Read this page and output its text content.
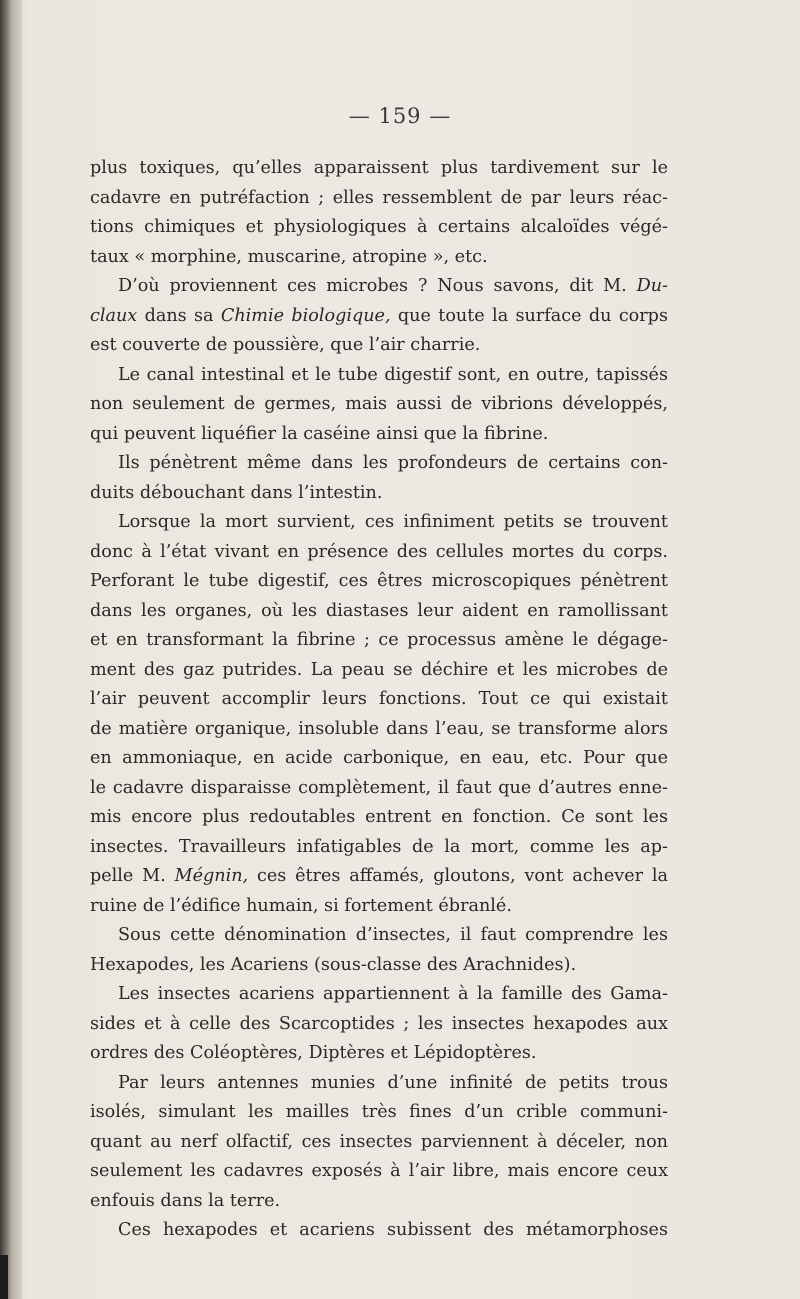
— 159 —
plus toxiques, qu’elles apparaissent plus tardivement sur le
cadavre en putréfaction ; elles ressemblent de par leurs réac-
tions chimiques et physiologiques à certains alcaloïdes végé-
taux « morphine, muscarine, atropine », etc.
D’où proviennent ces microbes ? Nous savons, dit M. Du-
claux dans sa Chimie biologique, que toute la surface du corps
est couverte de poussière, que l’air charrie.
Le canal intestinal et le tube digestif sont, en outre, tapissés
non seulement de germes, mais aussi de vibrions développés,
qui peuvent liquéfier la caséine ainsi que la fibrine.
Ils pénètrent même dans les profondeurs de certains con-
duits débouchant dans l’intestin.
Lorsque la mort survient, ces infiniment petits se trouvent
donc à l’état vivant en présence des cellules mortes du corps.
Perforant le tube digestif, ces êtres microscopiques pénètrent
dans les organes, où les diastases leur aident en ramollissant
et en transformant la fibrine ; ce processus amène le dégage-
ment des gaz putrides. La peau se déchire et les microbes de
l’air peuvent accomplir leurs fonctions. Tout ce qui existait
de matière organique, insoluble dans l’eau, se transforme alors
en ammoniaque, en acide carbonique, en eau, etc. Pour que
le cadavre disparaisse complètement, il faut que d’autres enne-
mis encore plus redoutables entrent en fonction. Ce sont les
insectes. Travailleurs infatigables de la mort, comme les ap-
pelle M. Mégnin, ces êtres affamés, gloutons, vont achever la
ruine de l’édifice humain, si fortement ébranlé.
Sous cette dénomination d’insectes, il faut comprendre les
Hexapodes, les Acariens (sous-classe des Arachnides).
Les insectes acariens appartiennent à la famille des Gama-
sides et à celle des Scarcoptides ; les insectes hexapodes aux
ordres des Coléoptères, Diptères et Lépidoptères.
Par leurs antennes munies d’une infinité de petits trous
isolés, simulant les mailles très fines d’un crible communi-
quant au nerf olfactif, ces insectes parviennent à déceler, non
seulement les cadavres exposés à l’air libre, mais encore ceux
enfouis dans la terre.
Ces hexapodes et acariens subissent des métamorphoses
